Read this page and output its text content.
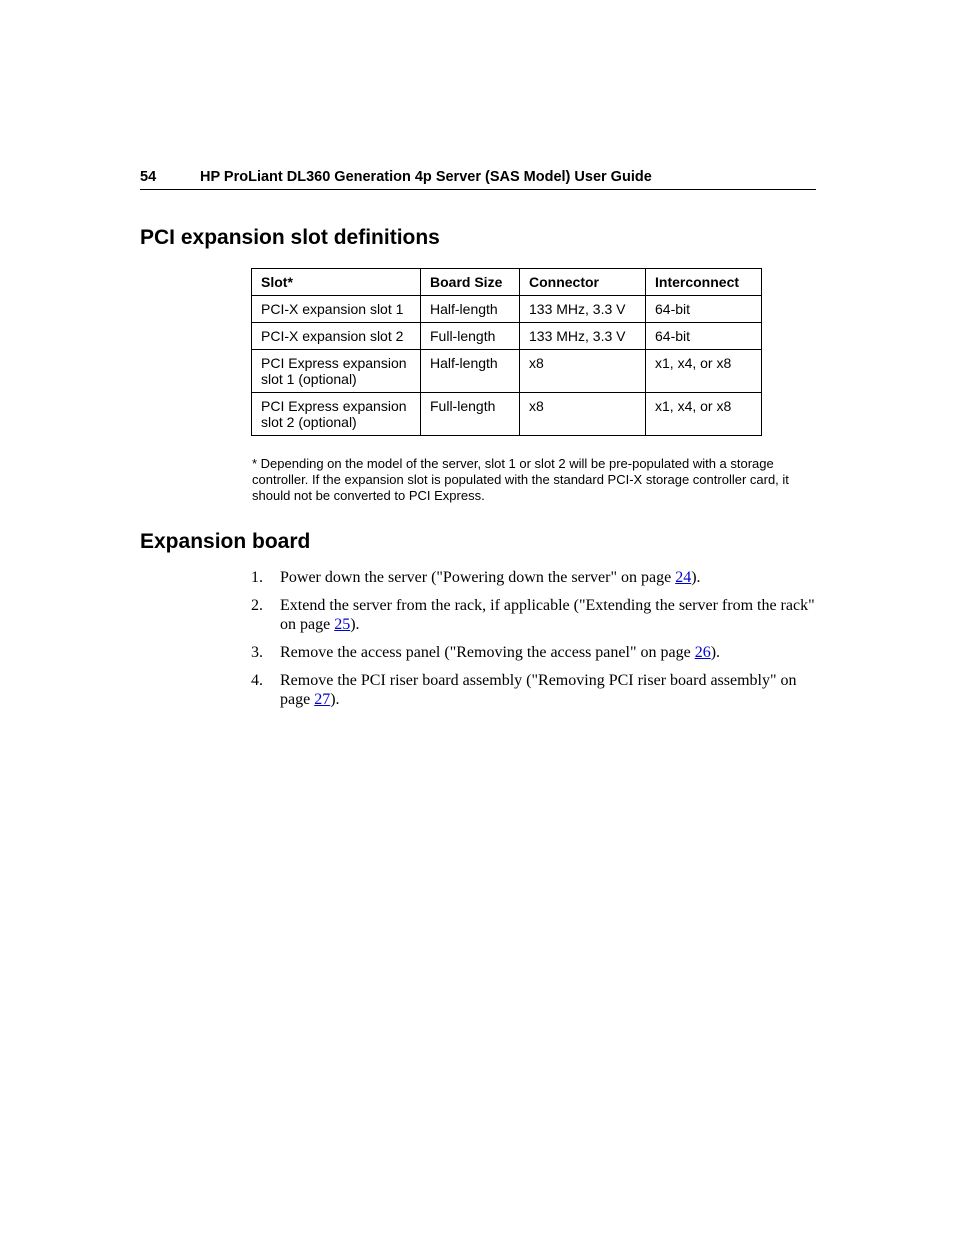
54	HP ProLiant DL360 Generation 4p Server (SAS Model) User Guide
PCI expansion slot definitions
Slot*	Board Size	Connector	Interconnect
PCI-X expansion slot 1	Half-length	133 MHz, 3.3 V	64-bit
PCI-X expansion slot 2	Full-length	133 MHz, 3.3 V	64-bit
PCI Express expansion slot 1 (optional)	Half-length	x8	x1, x4, or x8
PCI Express expansion slot 2 (optional)	Full-length	x8	x1, x4, or x8
* Depending on the model of the server, slot 1 or slot 2 will be pre-populated with a storage controller. If the expansion slot is populated with the standard PCI-X storage controller card, it should not be converted to PCI Express.
Expansion board
1. Power down the server ("Powering down the server" on page 24).
2. Extend the server from the rack, if applicable ("Extending the server from the rack" on page 25).
3. Remove the access panel ("Removing the access panel" on page 26).
4. Remove the PCI riser board assembly ("Removing PCI riser board assembly" on page 27).
